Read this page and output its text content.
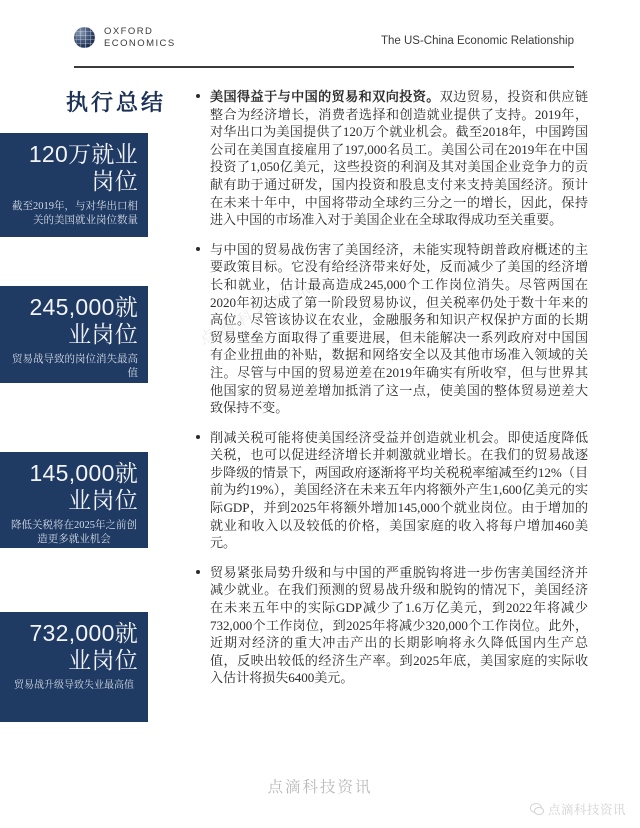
OXFORD
ECONOMICS	The US-China Economic Relationship
执行总结
120万就业岗位
截至2019年，与对华出口相关的美国就业岗位数量
245,000就业岗位
贸易战导致的岗位消失最高值
145,000就业岗位
降低关税将在2025年之前创造更多就业机会
732,000就业岗位
贸易战升级导致失业最高值
美国得益于与中国的贸易和双向投资。双边贸易，投资和供应链整合为经济增长，消费者选择和创造就业提供了支持。2019年，对华出口为美国提供了120万个就业机会。截至2018年，中国跨国公司在美国直接雇用了197,000名员工。美国公司在2019年在中国投资了1,050亿美元，这些投资的利润及其对美国企业竞争力的贡献有助于通过研发，国内投资和股息支付来支持美国经济。预计在未来十年中，中国将带动全球约三分之一的增长，因此，保持进入中国的市场准入对于美国企业在全球取得成功至关重要。
与中国的贸易战伤害了美国经济，未能实现特朗普政府概述的主要政策目标。它没有给经济带来好处，反而减少了美国的经济增长和就业，估计最高造成245,000个工作岗位消失。尽管两国在2020年初达成了第一阶段贸易协议，但关税率仍处于数十年来的高位。尽管该协议在农业，金融服务和知识产权保护方面的长期贸易壁垒方面取得了重要进展，但未能解决一系列政府对中国国有企业扭曲的补贴，数据和网络安全以及其他市场准入领域的关注。尽管与中国的贸易逆差在2019年确实有所收窄，但与世界其他国家的贸易逆差增加抵消了这一点，使美国的整体贸易逆差大致保持不变。
削减关税可能将使美国经济受益并创造就业机会。即使适度降低关税，也可以促进经济增长并刺激就业增长。在我们的贸易战逐步降级的情景下，两国政府逐渐将平均关税税率缩减至约12%（目前为约19%），美国经济在未来五年内将额外产生1,600亿美元的实际GDP，并到2025年将额外增加145,000个就业岗位。由于增加的就业和收入以及较低的价格，美国家庭的收入将每户增加460美元。
贸易紧张局势升级和与中国的严重脱钩将进一步伤害美国经济并减少就业。在我们预测的贸易战升级和脱钩的情况下，美国经济在未来五年中的实际GDP减少了1.6万亿美元，到2022年将减少732,000个工作岗位，到2025年将减少320,000个工作岗位。此外，近期对经济的重大冲击产出的长期影响将永久降低国内生产总值，反映出较低的经济生产率。到2025年底，美国家庭的实际收入估计将损失6400美元。
点滴科技资讯
点滴科技资讯
点滴科技资讯
